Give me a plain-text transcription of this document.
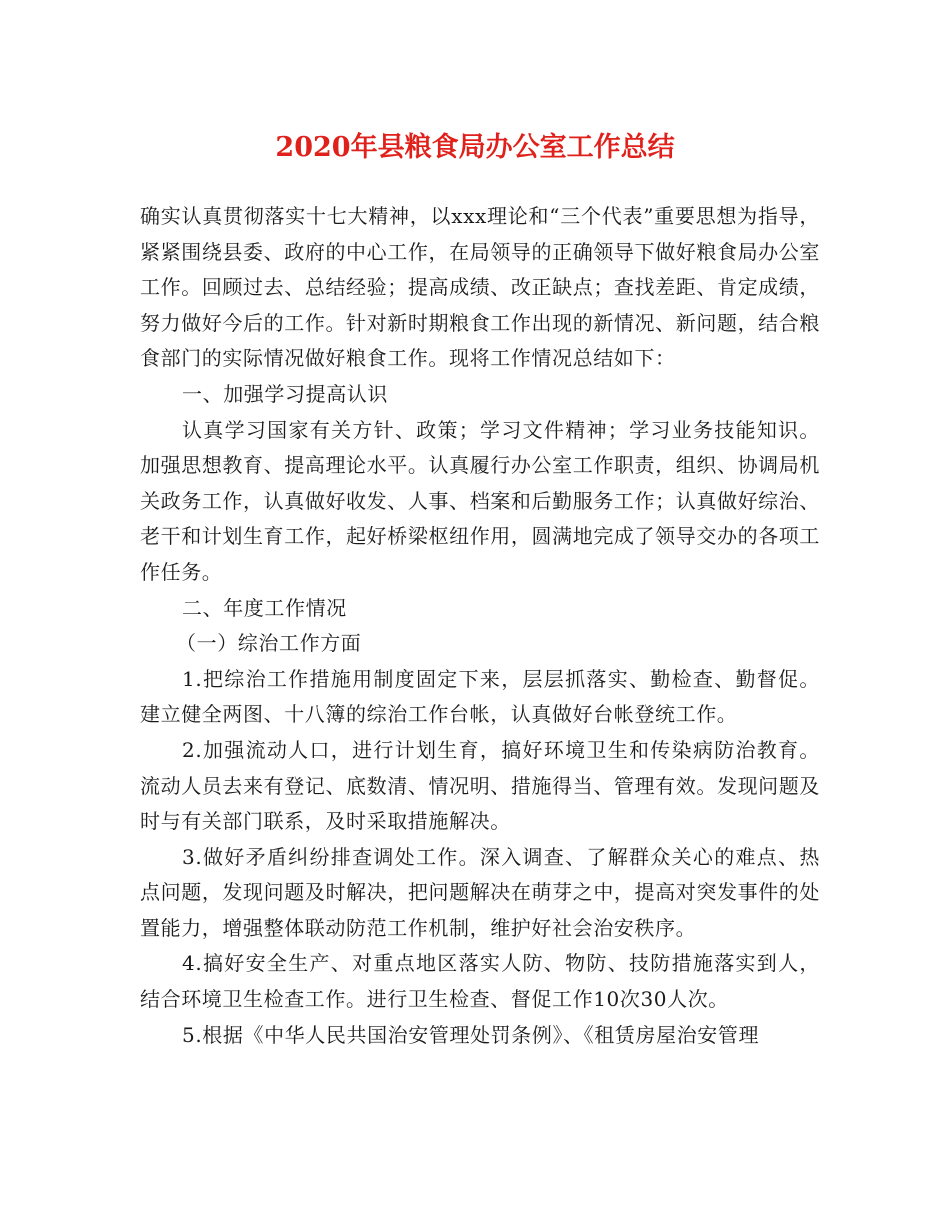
2020年县粮食局办公室工作总结

确实认真贯彻落实十七大精神，以xxx理论和“三个代表”重要思想为指导，紧紧围绕县委、政府的中心工作，在局领导的正确领导下做好粮食局办公室工作。回顾过去、总结经验；提高成绩、改正缺点；查找差距、肯定成绩，努力做好今后的工作。针对新时期粮食工作出现的新情况、新问题，结合粮食部门的实际情况做好粮食工作。现将工作情况总结如下：

一、加强学习提高认识

认真学习国家有关方针、政策；学习文件精神；学习业务技能知识。加强思想教育、提高理论水平。认真履行办公室工作职责，组织、协调局机关政务工作，认真做好收发、人事、档案和后勤服务工作；认真做好综治、老干和计划生育工作，起好桥梁枢纽作用，圆满地完成了领导交办的各项工作任务。

二、年度工作情况

（一）综治工作方面

1.把综治工作措施用制度固定下来，层层抓落实、勤检查、勤督促。建立健全两图、十八簿的综治工作台帐，认真做好台帐登统工作。

2.加强流动人口，进行计划生育，搞好环境卫生和传染病防治教育。流动人员去来有登记、底数清、情况明、措施得当、管理有效。发现问题及时与有关部门联系，及时采取措施解决。

3.做好矛盾纠纷排查调处工作。深入调查、了解群众关心的难点、热点问题，发现问题及时解决，把问题解决在萌芽之中，提高对突发事件的处置能力，增强整体联动防范工作机制，维护好社会治安秩序。

4.搞好安全生产、对重点地区落实人防、物防、技防措施落实到人，结合环境卫生检查工作。进行卫生检查、督促工作10次30人次。

5.根据《中华人民共国治安管理处罚条例》、《租赁房屋治安管理
